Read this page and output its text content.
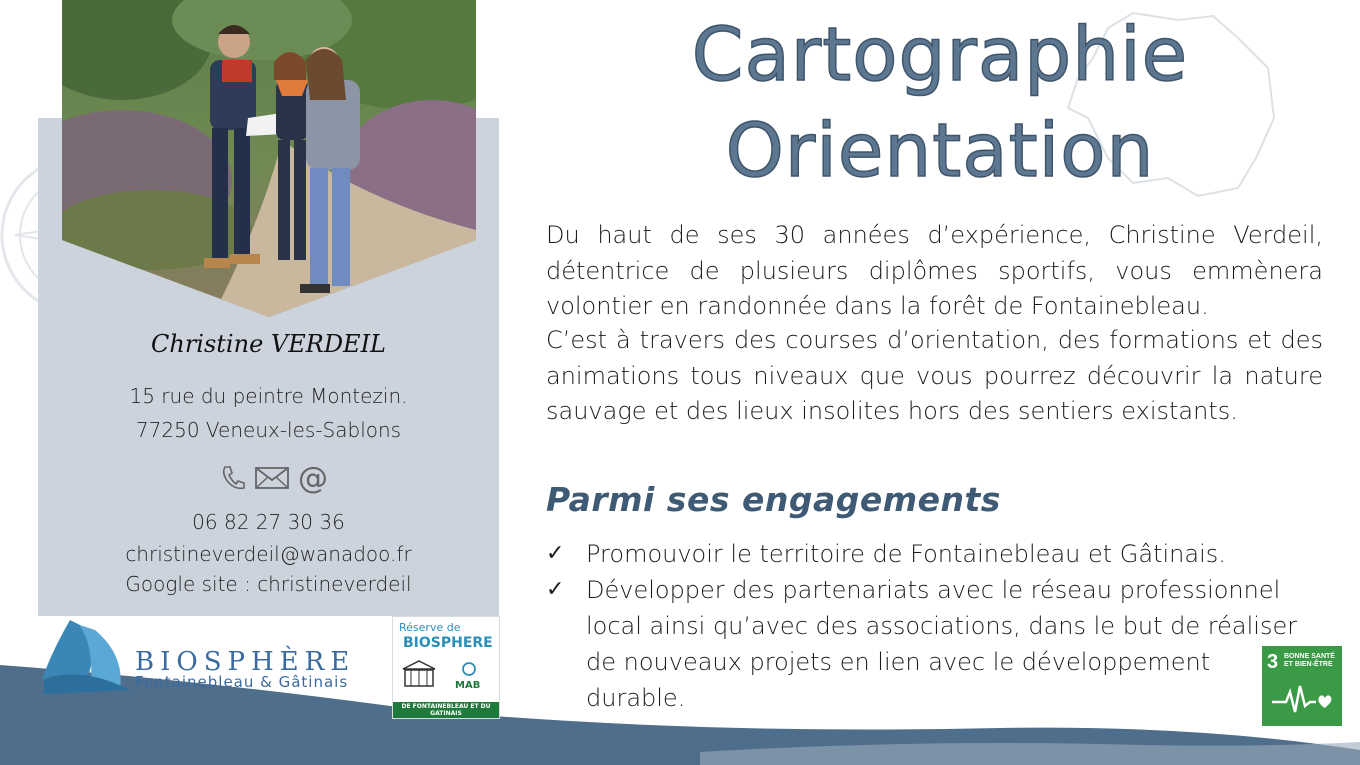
Christine VERDEIL
15 rue du peintre Montezin.
77250 Veneux-les-Sablons
@
06 82 27 30 36
christineverdeil@wanadoo.fr
Google site : christineverdeil
Cartographie
Orientation
Du haut de ses 30 années d’expérience, Christine Verdeil, détentrice de plusieurs diplômes sportifs, vous emmènera volontier en randonnée dans la forêt de Fontainebleau.
C’est à travers des courses d’orientation, des formations et des animations tous niveaux que vous pourrez découvrir la nature sauvage et des lieux insolites hors des sentiers existants.
Parmi ses engagements
✓ Promouvoir le territoire de Fontainebleau et Gâtinais.
✓ Développer des partenariats avec le réseau professionnel local ainsi qu’avec des associations, dans le but de réaliser de nouveaux projets en lien avec le développement durable.
BIOSPHÈRE
Fontainebleau & Gâtinais
Réserve de
BIOSPHERE
MAB
DE FONTAINEBLEAU ET DU GATINAIS
3 BONNE SANTÉ ET BIEN-ÊTRE
